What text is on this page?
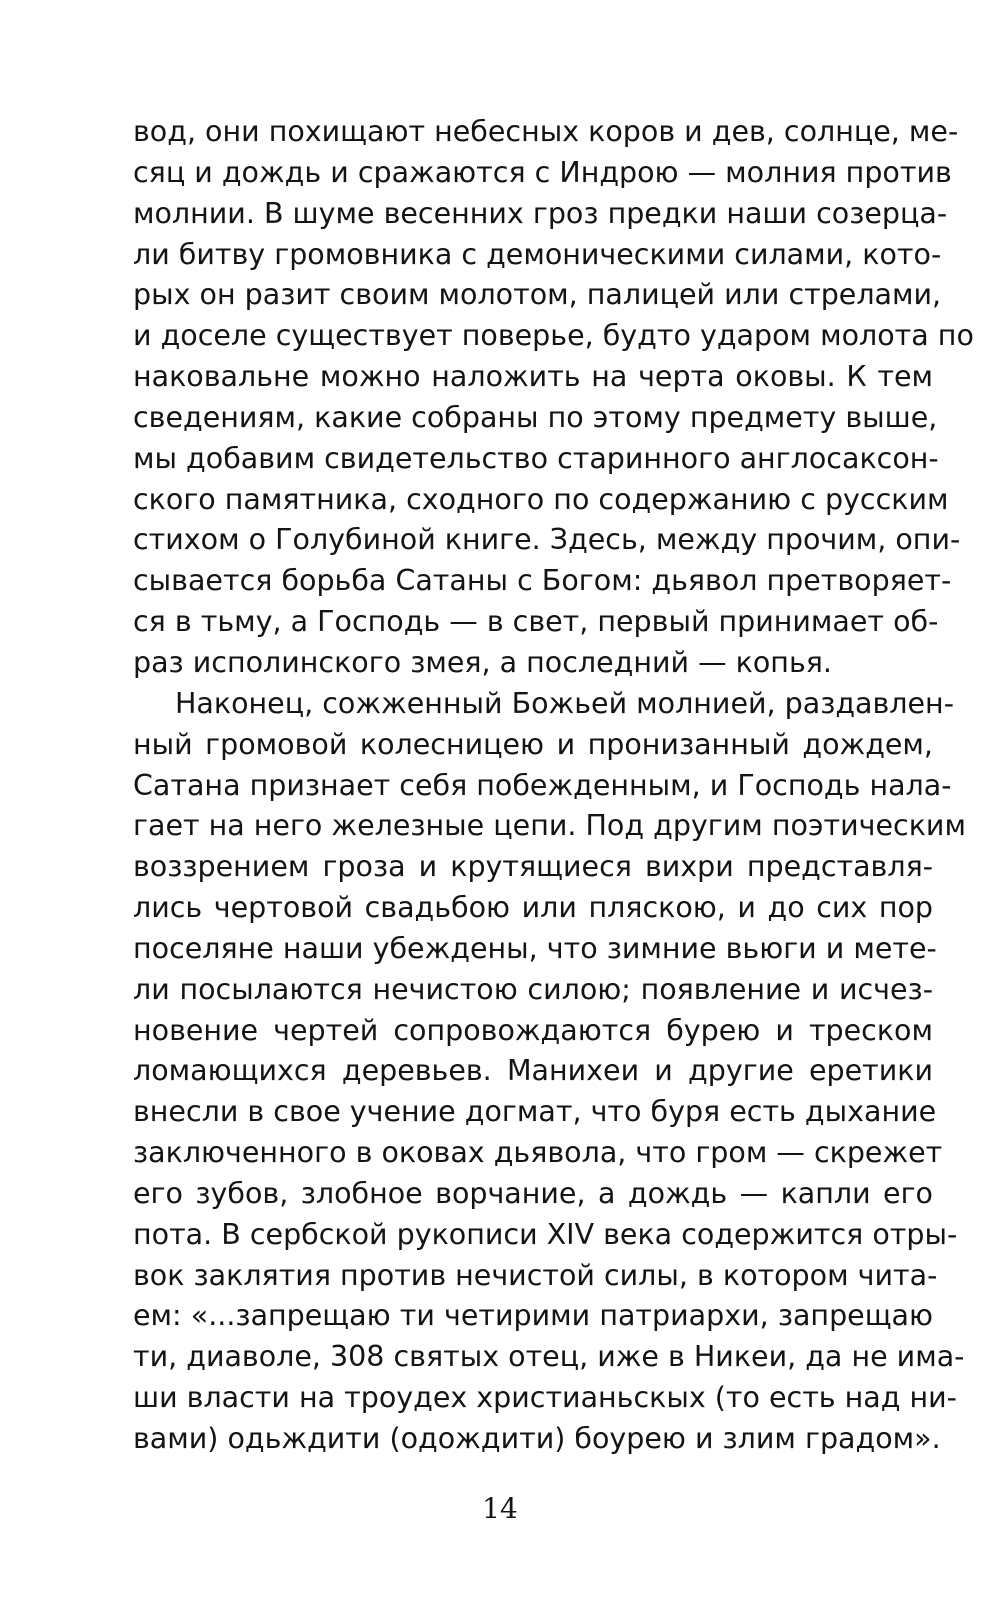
вод, они похищают небесных коров и дев, солнце, ме-
сяц и дождь и сражаются с Индрою — молния против
молнии. В шуме весенних гроз предки наши созерца-
ли битву громовника с демоническими силами, кото-
рых он разит своим молотом, палицей или стрелами,
и доселе существует поверье, будто ударом молота по
наковальне можно наложить на черта оковы. К тем
сведениям, какие собраны по этому предмету выше,
мы добавим свидетельство старинного англосаксон-
ского памятника, сходного по содержанию с русским
стихом о Голубиной книге. Здесь, между прочим, опи-
сывается борьба Сатаны с Богом: дьявол претворяет-
ся в тьму, а Господь — в свет, первый принимает об-
раз исполинского змея, а последний — копья.
Наконец, сожженный Божьей молнией, раздавлен-
ный громовой колесницею и пронизанный дождем,
Сатана признает себя побежденным, и Господь нала-
гает на него железные цепи. Под другим поэтическим
воззрением гроза и крутящиеся вихри представля-
лись чертовой свадьбою или пляскою, и до сих пор
поселяне наши убеждены, что зимние вьюги и мете-
ли посылаются нечистою силою; появление и исчез-
новение чертей сопровождаются бурею и треском
ломающихся деревьев. Манихеи и другие еретики
внесли в свое учение догмат, что буря есть дыхание
заключенного в оковах дьявола, что гром — скрежет
его зубов, злобное ворчание, а дождь — капли его
пота. В сербской рукописи XIV века содержится отры-
вок заклятия против нечистой силы, в котором чита-
ем: «...запрещаю ти четирими патриархи, запрещаю
ти, диаволе, 308 святых отец, иже в Никеи, да не има-
ши власти на троудех христианьскых (то есть над ни-
вами) одьждити (одождити) боурею и злим градом».
14
